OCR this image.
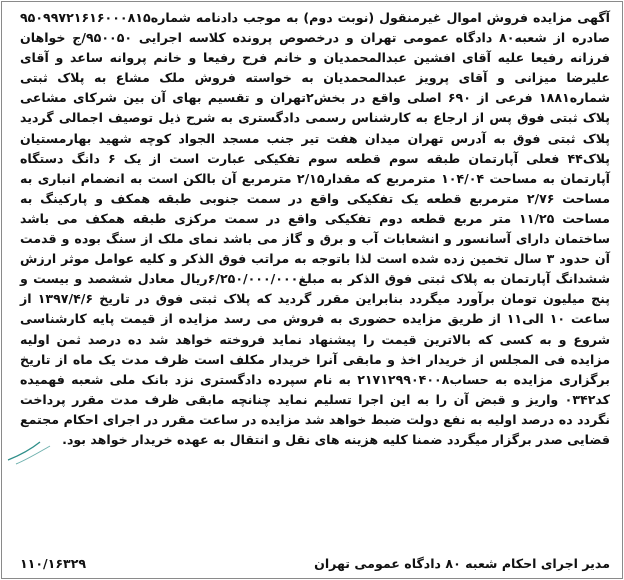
آگهی مزایده فروش اموال غیرمنقول (نوبت دوم) به موجب دادنامه شماره۹۵۰۹۹۷۲۱۶۱۶۰۰۰۸۱۵ صادره از شعبه۸۰ دادگاه عمومی تهران و درخصوص پرونده کلاسه اجرایی ۹۵۰۰۵۰/ج خواهان فرزانه رفیعا علیه آقای افشین عبدالمحمدیان و خانم فرح رفیعا و خانم پروانه ساعد و آقای علیرضا میزانی و آقای پرویز عبدالمحمدیان به خواسته فروش ملک مشاع به پلاک ثبتی شماره۱۸۸۱ فرعی از ۶۹۰ اصلی واقع در بخش۲تهران و تقسیم بهای آن بین شرکای مشاعی پلاک ثبتی فوق پس از ارجاع به کارشناس رسمی دادگستری به شرح ذیل توصیف اجمالی گردید پلاک ثبتی فوق به آدرس تهران میدان هفت تیر جنب مسجد الجواد کوچه شهید بهارمستیان پلاک۴۴ فعلی آپارتمان طبقه سوم قطعه سوم تفکیکی عبارت است از یک ۶ دانگ دستگاه آپارتمان به مساحت ۱۰۴/۰۴ مترمربع که مقدار۲/۱۵ مترمربع آن بالکن است به انضمام انباری به مساحت ۲/۷۶ مترمربع قطعه یک تفکیکی واقع در سمت جنوبی طبقه همکف و پارکینگ به مساحت ۱۱/۲۵ متر مربع قطعه دوم تفکیکی واقع در سمت مرکزی طبقه همکف می باشد ساختمان دارای آسانسور و انشعابات آب و برق و گاز می باشد نمای ملک از سنگ بوده و قدمت آن حدود ۳ سال تخمین زده شده است لذا باتوجه به مراتب فوق الذکر و کلیه عوامل موثر ارزش ششدانگ آپارتمان به پلاک ثبتی فوق الذکر به مبلغ۶/۲۵۰/۰۰۰/۰۰۰ریال معادل ششصد و بیست و پنج میلیون تومان برآورد میگردد بنابراین مقرر گردید که پلاک ثبتی فوق در تاریخ ۱۳۹۷/۴/۶ از ساعت ۱۰ الی۱۱ از طریق مزایده حضوری به فروش می رسد مزایده از قیمت پایه کارشناسی شروع و به کسی که بالاترین قیمت را پیشنهاد نماید فروخته خواهد شد ده درصد ثمن اولیه مزایده فی المجلس از خریدار اخذ و مابقی آنرا خریدار مکلف است ظرف مدت یک ماه از تاریخ برگزاری مزایده به حساب۲۱۷۱۲۹۹۰۴۰۰۸ به نام سپرده دادگستری نزد بانک ملی شعبه فهمیده کد۰۳۴۲ واریز و قبض آن را به این اجرا تسلیم نماید چنانچه مابقی ظرف مدت مقرر پرداخت نگردد ده درصد اولیه به نفع دولت ضبط خواهد شد مزایده در ساعت مقرر در اجرای احکام مجتمع قضایی صدر برگزار میگردد ضمنا کلیه هزینه های نقل و انتقال به عهده خریدار خواهد بود.

مدیر اجرای احکام شعبه ۸۰ دادگاه عمومی تهران
۱۱۰/۱۶۳۲۹
